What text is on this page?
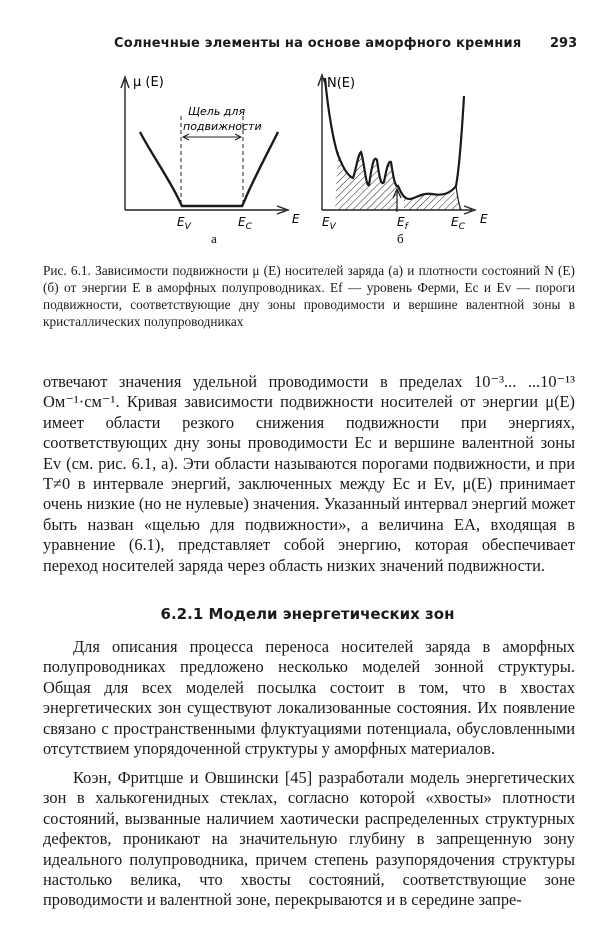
Солнечные элементы на основе аморфного кремния 293
μ (E)
E
Щель для
подвижности
$E_V$	$E_C$
а
N(E)
E
$E_V$	$E_f$	$E_C$
б
Рис. 6.1. Зависимости подвижности μ (E) носителей заряда (а) и плотности состояний N (E) (б) от энергии E в аморфных полупроводниках. Ef — уровень Ферми, Ec и Ev — пороги подвижности, соответствующие дну зоны проводимости и вершине валентной зоны в кристаллических полупроводниках

отвечают значения удельной проводимости в пределах 10⁻³... ...10⁻¹³ Ом⁻¹·см⁻¹. Кривая зависимости подвижности носителей от энергии μ(E) имеет области резкого снижения подвижности при энергиях, соответствующих дну зоны проводимости Ec и вершине валентной зоны Ev (см. рис. 6.1, а). Эти области называются порогами подвижности, и при T≠0 в интервале энергий, заключенных между Ec и Ev, μ(E) принимает очень низкие (но не нулевые) значения. Указанный интервал энергий может быть назван «щелью для подвижности», а величина EA, входящая в уравнение (6.1), представляет собой энергию, которая обеспечивает переход носителей заряда через область низких значений подвижности.

6.2.1 Модели энергетических зон

Для описания процесса переноса носителей заряда в аморфных полупроводниках предложено несколько моделей зонной структуры. Общая для всех моделей посылка состоит в том, что в хвостах энергетических зон существуют локализованные состояния. Их появление связано с пространственными флуктуациями потенциала, обусловленными отсутствием упорядоченной структуры у аморфных материалов.

Коэн, Фритцше и Овшински [45] разработали модель энергетических зон в халькогенидных стеклах, согласно которой «хвосты» плотности состояний, вызванные наличием хаотически распределенных структурных дефектов, проникают на значительную глубину в запрещенную зону идеального полупроводника, причем степень разупорядочения структуры настолько велика, что хвосты состояний, соответствующие зоне проводимости и валентной зоне, перекрываются и в середине запре-
